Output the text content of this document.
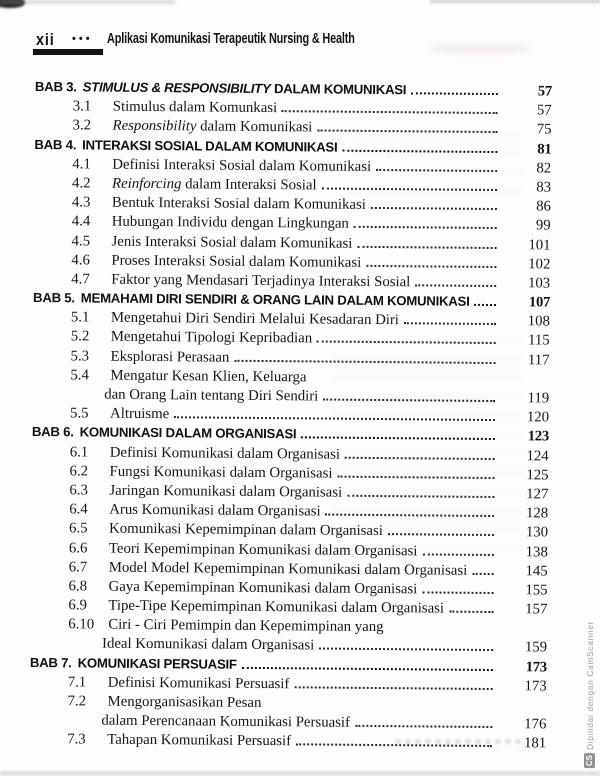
xii ••• Aplikasi Komunikasi Terapeutik Nursing & Health
BAB 3. STIMULUS & RESPONSIBILITY DALAM KOMUNIKASI	57
3.1	Stimulus dalam Komunkasi	57
3.2	Responsibility dalam Komunikasi	75
BAB 4. INTERAKSI SOSIAL DALAM KOMUNIKASI	81
4.1	Definisi Interaksi Sosial dalam Komunikasi	82
4.2	Reinforcing dalam Interaksi Sosial	83
4.3	Bentuk Interaksi Sosial dalam Komunikasi	86
4.4	Hubungan Individu dengan Lingkungan	99
4.5	Jenis Interaksi Sosial dalam Komunikasi	101
4.6	Proses Interaksi Sosial dalam Komunikasi	102
4.7	Faktor yang Mendasari Terjadinya Interaksi Sosial	103
BAB 5. MEMAHAMI DIRI SENDIRI & ORANG LAIN DALAM KOMUNIKASI	107
5.1	Mengetahui Diri Sendiri Melalui Kesadaran Diri	108
5.2	Mengetahui Tipologi Kepribadian	115
5.3	Eksplorasi Perasaan	117
5.4	Mengatur Kesan Klien, Keluarga
dan Orang Lain tentang Diri Sendiri	119
5.5	Altruisme	120
BAB 6. KOMUNIKASI DALAM ORGANISASI	123
6.1	Definisi Komunikasi dalam Organisasi	124
6.2	Fungsi Komunikasi dalam Organisasi	125
6.3	Jaringan Komunikasi dalam Organisasi	127
6.4	Arus Komunikasi dalam Organisasi	128
6.5	Komunikasi Kepemimpinan dalam Organisasi	130
6.6	Teori Kepemimpinan Komunikasi dalam Organisasi	138
6.7	Model Model Kepemimpinan Komunikasi dalam Organisasi	145
6.8	Gaya Kepemimpinan Komunikasi dalam Organisasi	155
6.9	Tipe-Tipe Kepemimpinan Komunikasi dalam Organisasi	157
6.10 Ciri - Ciri Pemimpin dan Kepemimpinan yang
Ideal Komunikasi dalam Organisasi	159
BAB 7. KOMUNIKASI PERSUASIF	173
7.1	Definisi Komunikasi Persuasif	173
7.2	Mengorganisasikan Pesan
dalam Perencanaan Komunikasi Persuasif	176
7.3	Tahapan Komunikasi Persuasif	181
CS Dipindai dengan CamScanner
